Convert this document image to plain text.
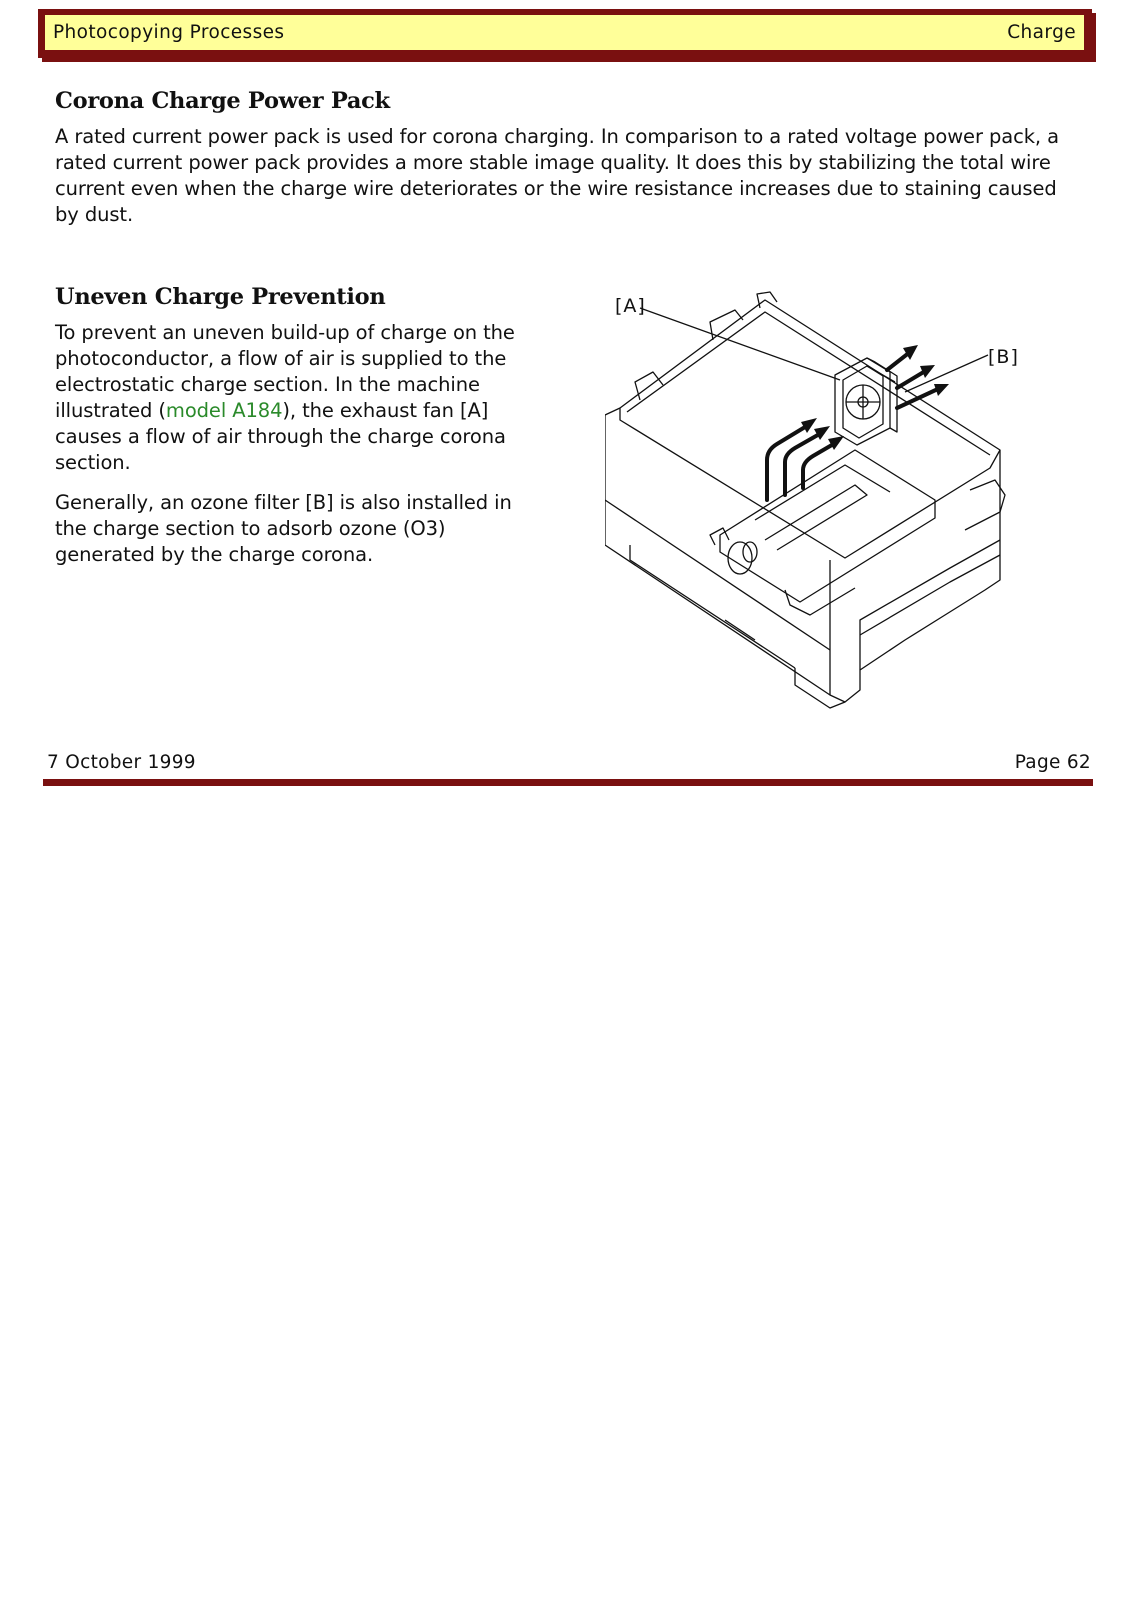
Photocopying Processes	Charge
Corona Charge Power Pack

A rated current power pack is used for corona charging. In comparison to a rated voltage power pack, a rated current power pack provides a more stable image quality. It does this by stabilizing the total wire current even when the charge wire deteriorates or the wire resistance increases due to staining caused by dust.

Uneven Charge Prevention

To prevent an uneven build-up of charge on the photoconductor, a flow of air is supplied to the electrostatic charge section. In the machine illustrated (model A184), the exhaust fan [A] causes a flow of air through the charge corona section.

Generally, an ozone filter [B] is also installed in the charge section to adsorb ozone (O3) generated by the charge corona.

[A]
[B]
7 October 1999	Page 62
